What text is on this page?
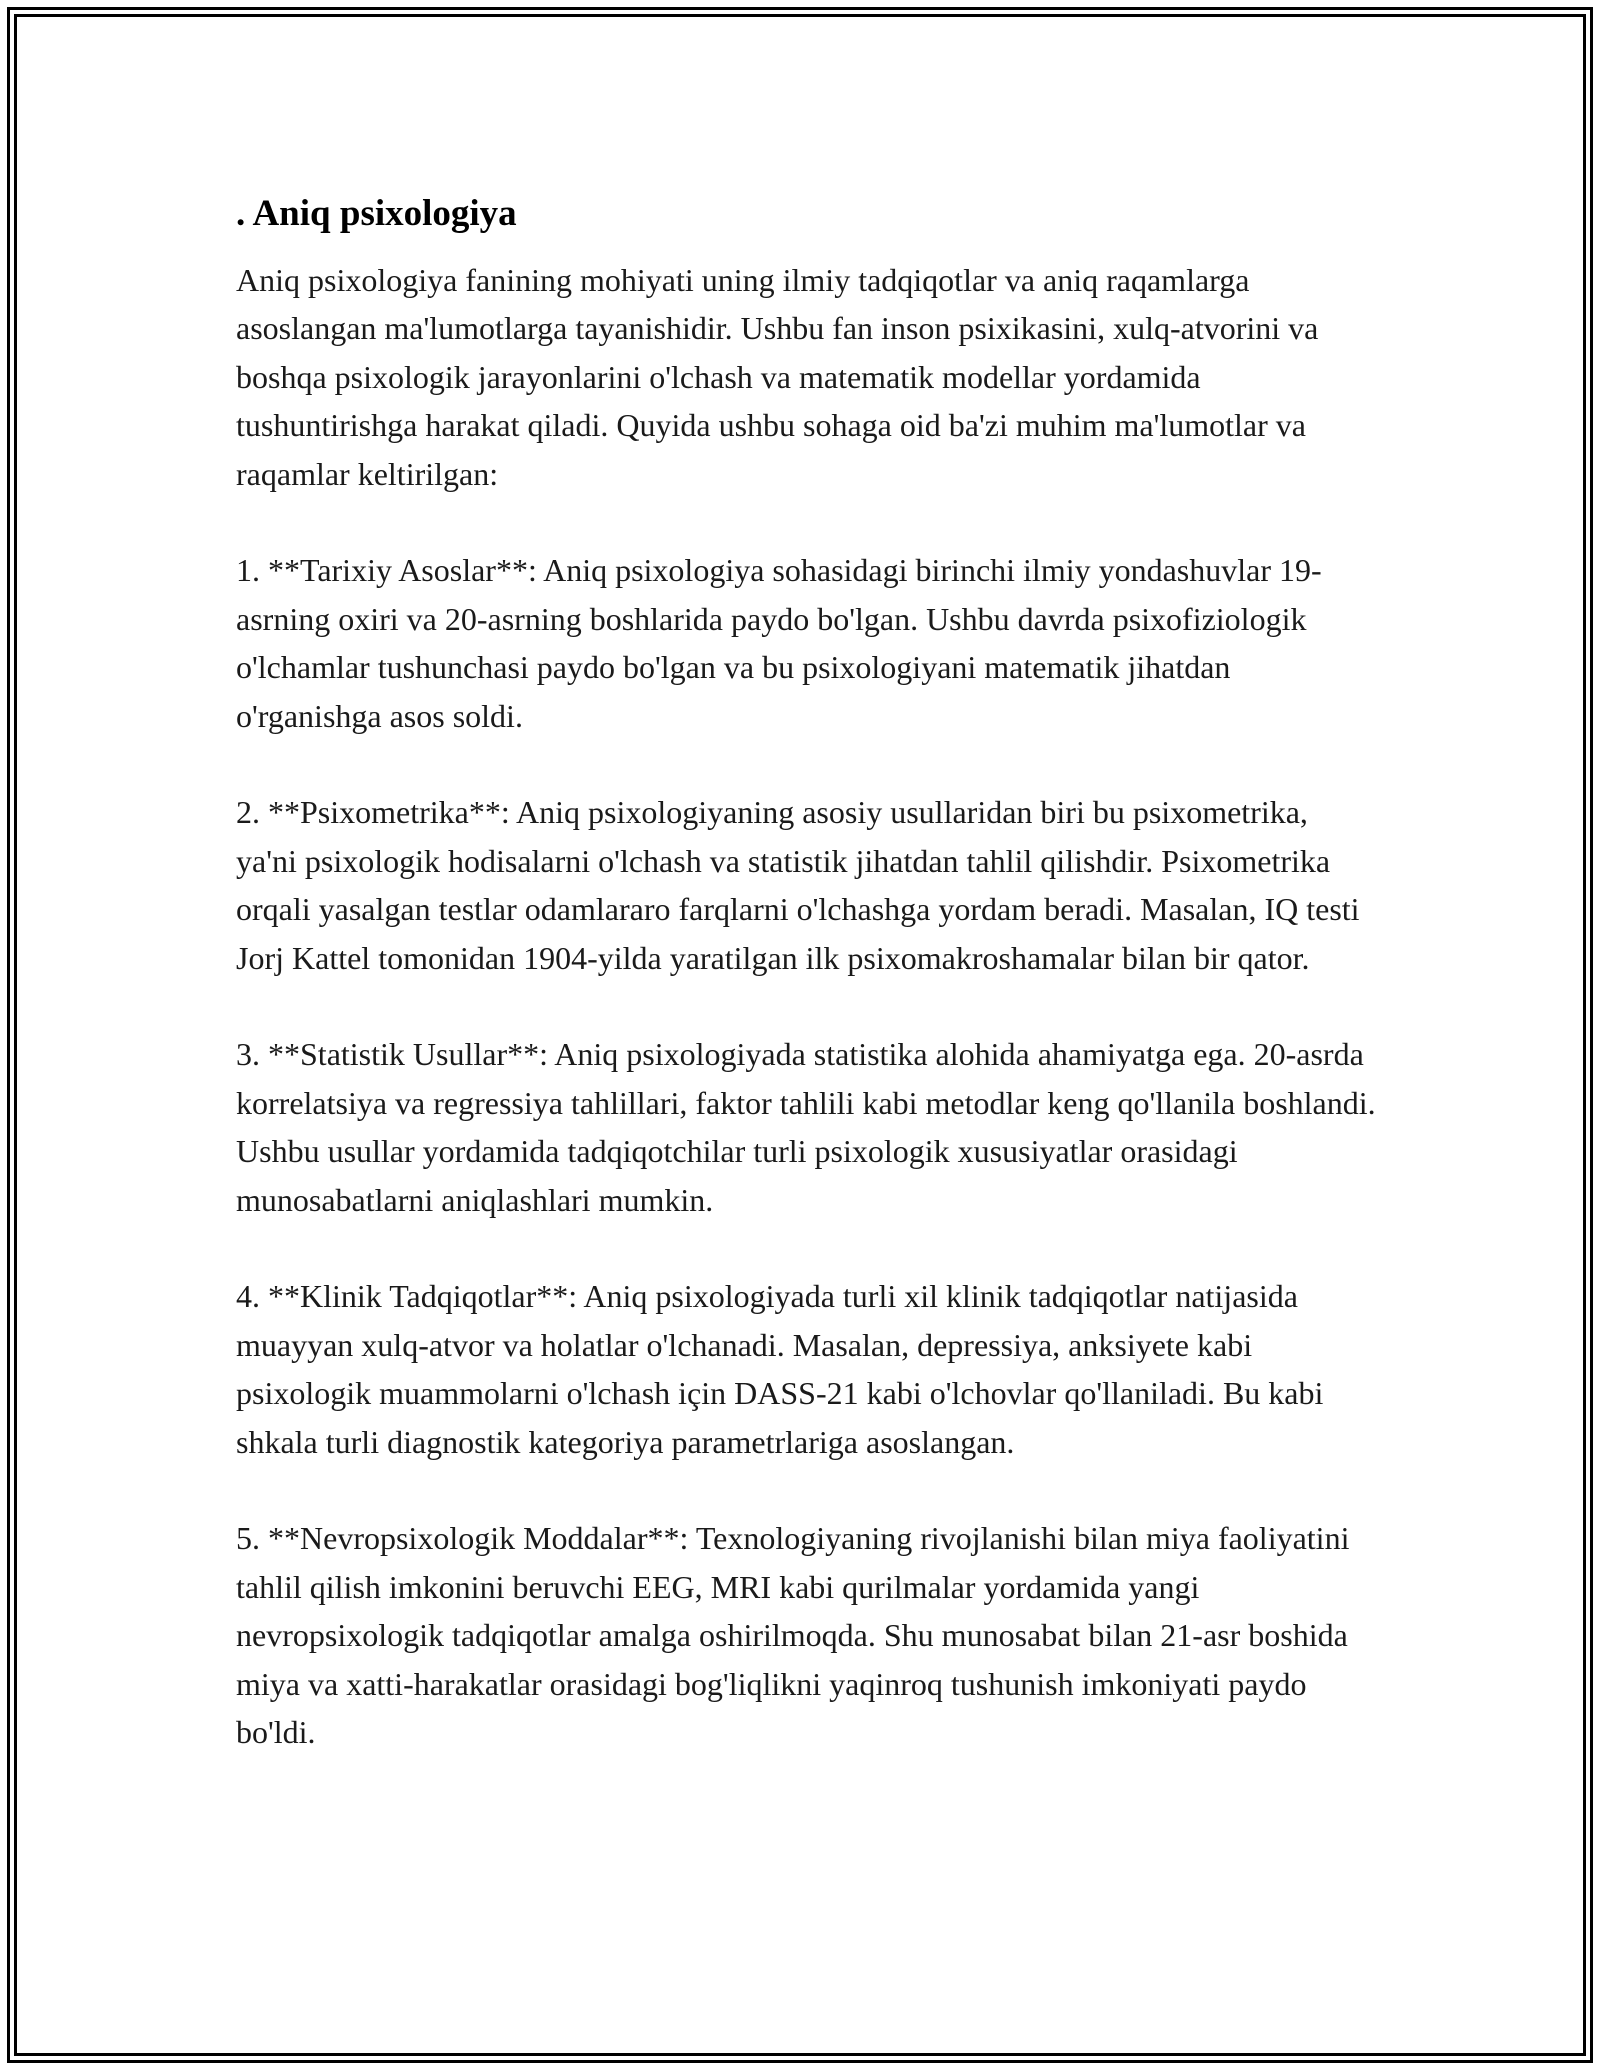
. Aniq psixologiya

Aniq psixologiya fanining mohiyati uning ilmiy tadqiqotlar va aniq raqamlarga asoslangan ma'lumotlarga tayanishidir. Ushbu fan inson psixikasini, xulq-atvorini va boshqa psixologik jarayonlarini o'lchash va matematik modellar yordamida tushuntirishga harakat qiladi. Quyida ushbu sohaga oid ba'zi muhim ma'lumotlar va raqamlar keltirilgan:

1. **Tarixiy Asoslar**: Aniq psixologiya sohasidagi birinchi ilmiy yondashuvlar 19-asrning oxiri va 20-asrning boshlarida paydo bo'lgan. Ushbu davrda psixofiziologik o'lchamlar tushunchasi paydo bo'lgan va bu psixologiyani matematik jihatdan o'rganishga asos soldi.

2. **Psixometrika**: Aniq psixologiyaning asosiy usullaridan biri bu psixometrika, ya'ni psixologik hodisalarni o'lchash va statistik jihatdan tahlil qilishdir. Psixometrika orqali yasalgan testlar odamlararo farqlarni o'lchashga yordam beradi. Masalan, IQ testi Jorj Kattel tomonidan 1904-yilda yaratilgan ilk psixomakroshamalar bilan bir qator.

3. **Statistik Usullar**: Aniq psixologiyada statistika alohida ahamiyatga ega. 20-asrda korrelatsiya va regressiya tahlillari, faktor tahlili kabi metodlar keng qo'llanila boshlandi. Ushbu usullar yordamida tadqiqotchilar turli psixologik xususiyatlar orasidagi munosabatlarni aniqlashlari mumkin.

4. **Klinik Tadqiqotlar**: Aniq psixologiyada turli xil klinik tadqiqotlar natijasida muayyan xulq-atvor va holatlar o'lchanadi. Masalan, depressiya, anksiyete kabi psixologik muammolarni o'lchash için DASS-21 kabi o'lchovlar qo'llaniladi. Bu kabi shkala turli diagnostik kategoriya parametrlariga asoslangan.

5. **Nevropsixologik Moddalar**: Texnologiyaning rivojlanishi bilan miya faoliyatini tahlil qilish imkonini beruvchi EEG, MRI kabi qurilmalar yordamida yangi nevropsixologik tadqiqotlar amalga oshirilmoqda. Shu munosabat bilan 21-asr boshida miya va xatti-harakatlar orasidagi bog'liqlikni yaqinroq tushunish imkoniyati paydo bo'ldi.
